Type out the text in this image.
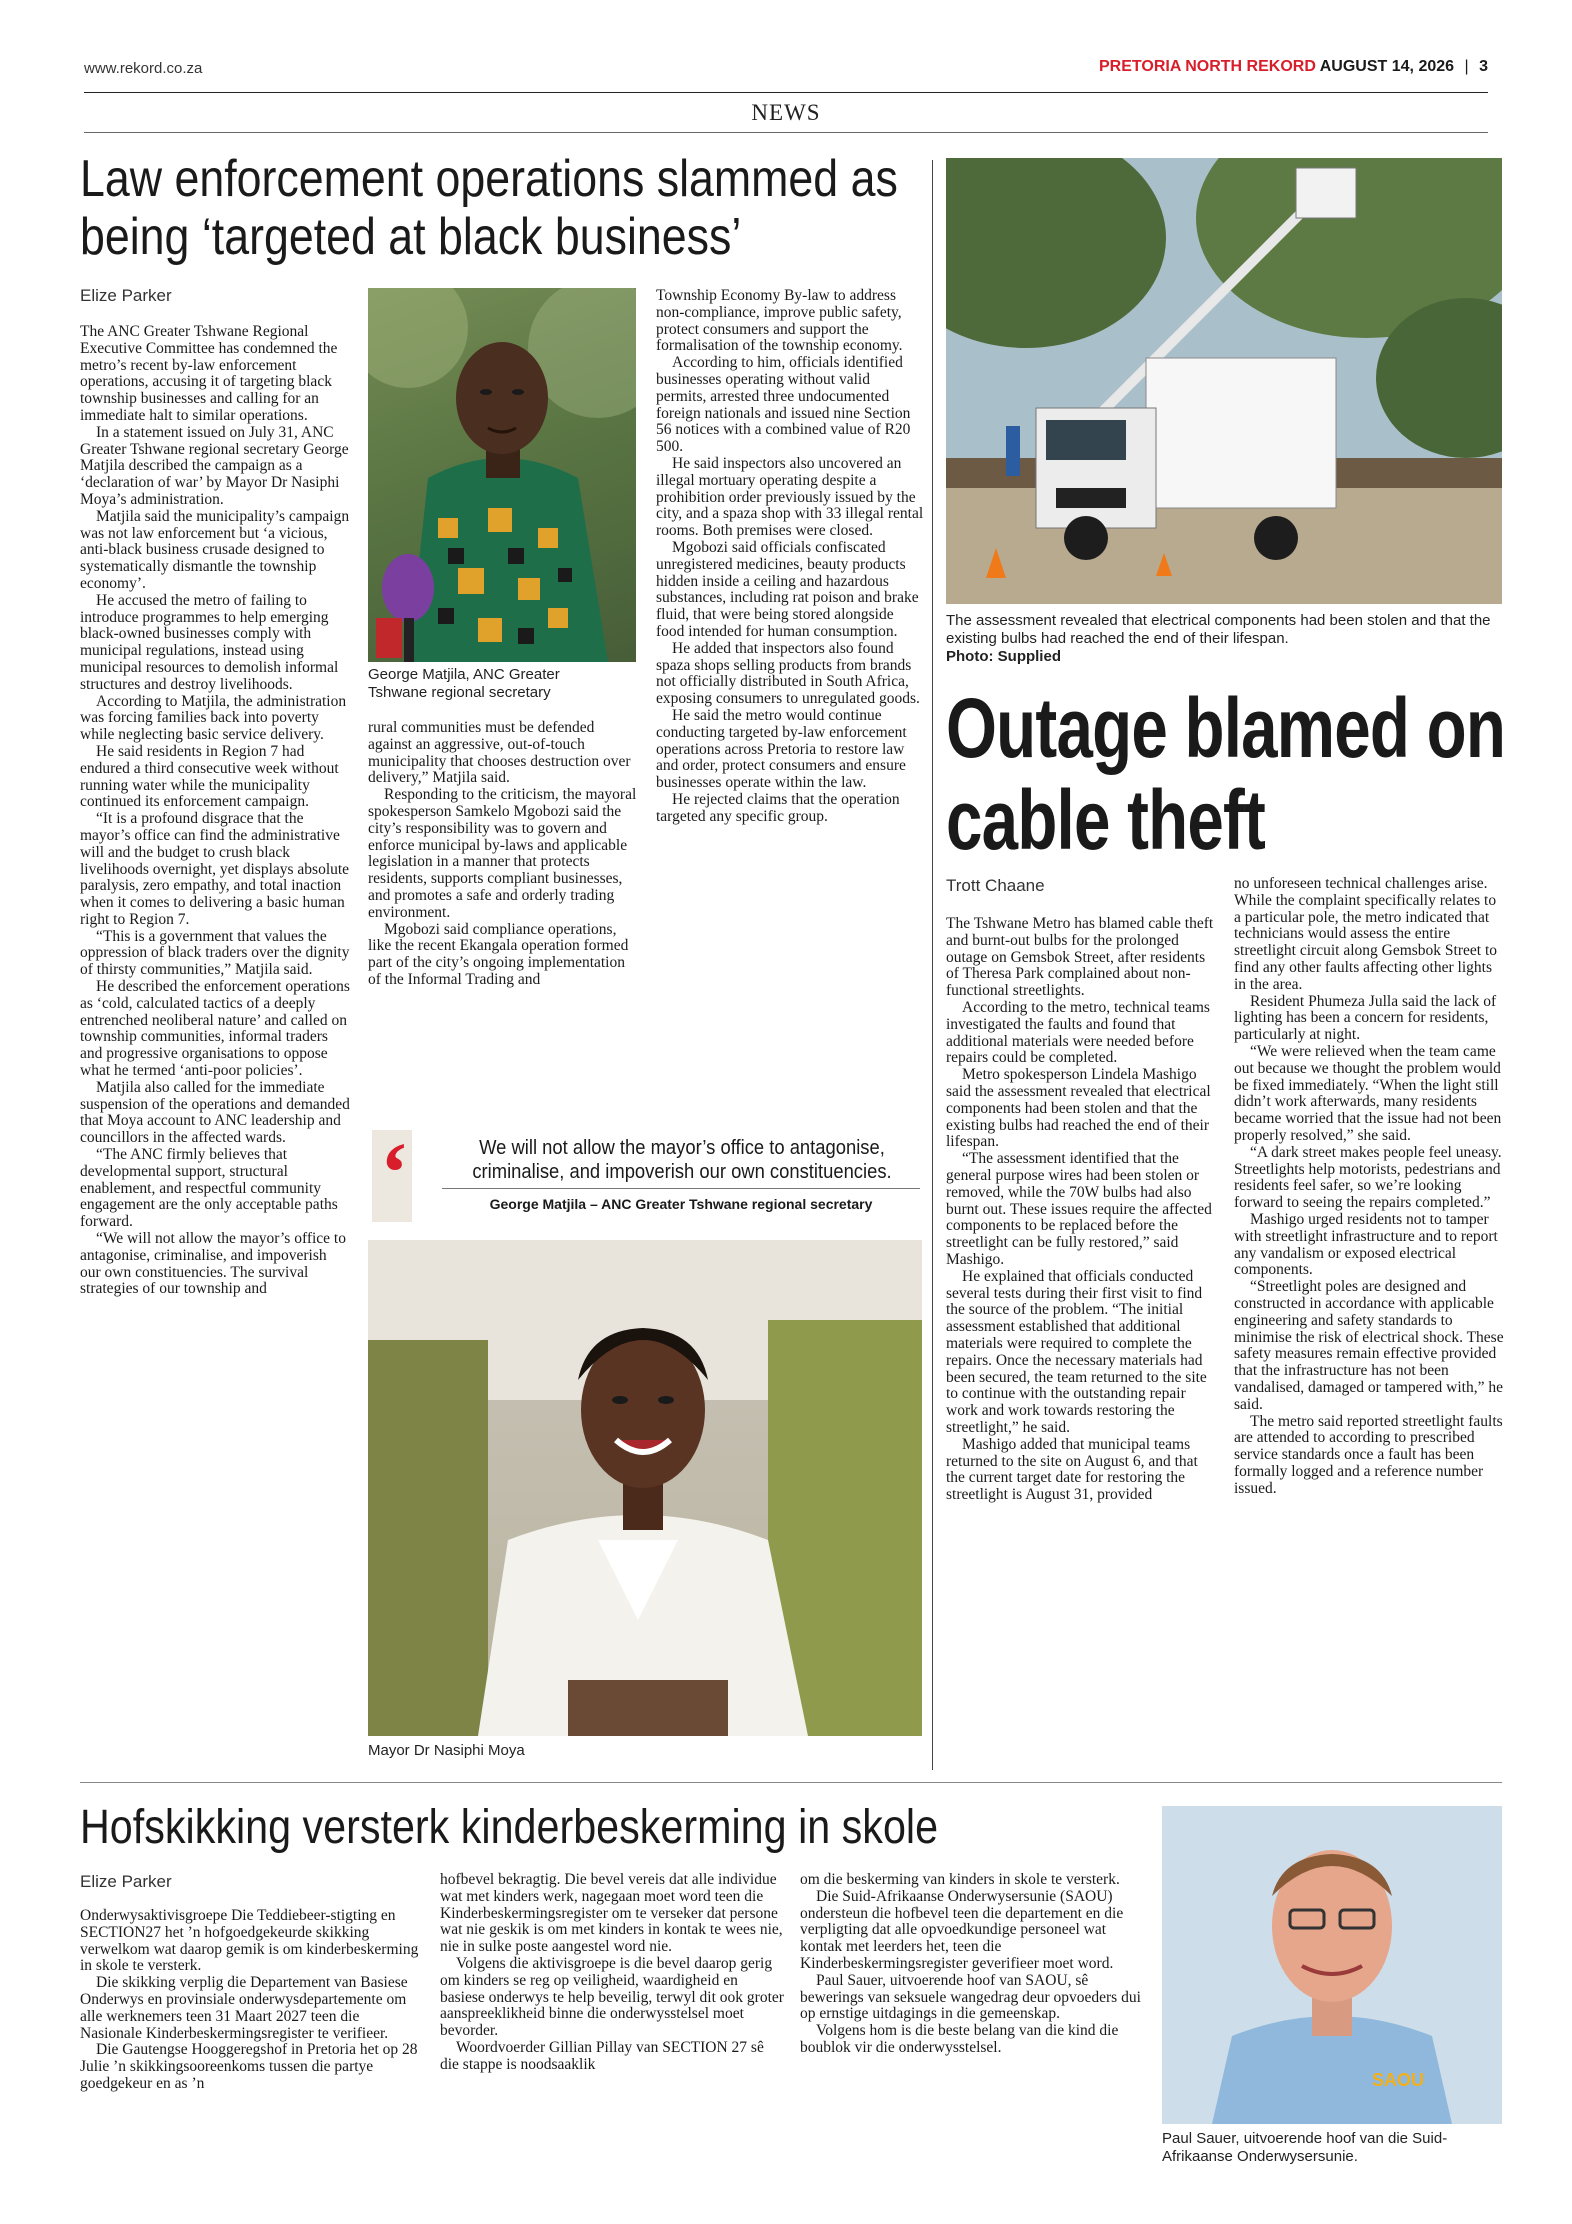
www.rekord.co.za	PRETORIA NORTH REKORD AUGUST 14, 2026 | 3
NEWS
Law enforcement operations slammed as being ‘targeted at black business’
Elize Parker

The ANC Greater Tshwane Regional Executive Committee has condemned the metro’s recent by-law enforcement operations, accusing it of targeting black township businesses and calling for an immediate halt to similar operations.

In a statement issued on July 31, ANC Greater Tshwane regional secretary George Matjila described the campaign as a ‘declaration of war’ by Mayor Dr Nasiphi Moya’s administration.

Matjila said the municipality’s campaign was not law enforcement but ‘a vicious, anti-black business crusade designed to systematically dismantle the township economy’.

He accused the metro of failing to introduce programmes to help emerging black-owned businesses comply with municipal regulations, instead using municipal resources to demolish informal structures and destroy livelihoods.

According to Matjila, the administration was forcing families back into poverty while neglecting basic service delivery.

He said residents in Region 7 had endured a third consecutive week without running water while the municipality continued its enforcement campaign.

“It is a profound disgrace that the mayor’s office can find the administrative will and the budget to crush black livelihoods overnight, yet displays absolute paralysis, zero empathy, and total inaction when it comes to delivering a basic human right to Region 7.

“This is a government that values the oppression of black traders over the dignity of thirsty communities,” Matjila said.

He described the enforcement operations as ‘cold, calculated tactics of a deeply entrenched neoliberal nature’ and called on township communities, informal traders and progressive organisations to oppose what he termed ‘anti-poor policies’.

Matjila also called for the immediate suspension of the operations and demanded that Moya account to ANC leadership and councillors in the affected wards.

“The ANC firmly believes that developmental support, structural enablement, and respectful community engagement are the only acceptable paths forward.

“We will not allow the mayor’s office to antagonise, criminalise, and impoverish our own constituencies. The survival strategies of our township and

George Matjila, ANC Greater Tshwane regional secretary

rural communities must be defended against an aggressive, out-of-touch municipality that chooses destruction over delivery,” Matjila said.

Responding to the criticism, the mayoral spokesperson Samkelo Mgobozi said the city’s responsibility was to govern and enforce municipal by-laws and applicable legislation in a manner that protects residents, supports compliant businesses, and promotes a safe and orderly trading environment.

Mgobozi said compliance operations, like the recent Ekangala operation formed part of the city’s ongoing implementation of the Informal Trading and

Township Economy By-law to address non-compliance, improve public safety, protect consumers and support the formalisation of the township economy.

According to him, officials identified businesses operating without valid permits, arrested three undocumented foreign nationals and issued nine Section 56 notices with a combined value of R20 500.

He said inspectors also uncovered an illegal mortuary operating despite a prohibition order previously issued by the city, and a spaza shop with 33 illegal rental rooms. Both premises were closed.

Mgobozi said officials confiscated unregistered medicines, beauty products hidden inside a ceiling and hazardous substances, including rat poison and brake fluid, that were being stored alongside food intended for human consumption.

He added that inspectors also found spaza shops selling products from brands not officially distributed in South Africa, exposing consumers to unregulated goods.

He said the metro would continue conducting targeted by-law enforcement operations across Pretoria to restore law and order, protect consumers and ensure businesses operate within the law.

He rejected claims that the operation targeted any specific group.

‘	We will not allow the mayor’s office to antagonise, criminalise, and impoverish our own constituencies.
George Matjila – ANC Greater Tshwane regional secretary
Mayor Dr Nasiphi Moya
The assessment revealed that electrical components had been stolen and that the existing bulbs had reached the end of their lifespan.
Photo: Supplied
Outage blamed on cable theft
Trott Chaane

The Tshwane Metro has blamed cable theft and burnt-out bulbs for the prolonged outage on Gemsbok Street, after residents of Theresa Park complained about non-functional streetlights.

According to the metro, technical teams investigated the faults and found that additional materials were needed before repairs could be completed.

Metro spokesperson Lindela Mashigo said the assessment revealed that electrical components had been stolen and that the existing bulbs had reached the end of their lifespan.

“The assessment identified that the general purpose wires had been stolen or removed, while the 70W bulbs had also burnt out. These issues require the affected components to be replaced before the streetlight can be fully restored,” said Mashigo.

He explained that officials conducted several tests during their first visit to find the source of the problem. “The initial assessment established that additional materials were required to complete the repairs. Once the necessary materials had been secured, the team returned to the site to continue with the outstanding repair work and work towards restoring the streetlight,” he said.

Mashigo added that municipal teams returned to the site on August 6, and that the current target date for restoring the streetlight is August 31, provided

no unforeseen technical challenges arise. While the complaint specifically relates to a particular pole, the metro indicated that technicians would assess the entire streetlight circuit along Gemsbok Street to find any other faults affecting other lights in the area.

Resident Phumeza Julla said the lack of lighting has been a concern for residents, particularly at night.

“We were relieved when the team came out because we thought the problem would be fixed immediately. “When the light still didn’t work afterwards, many residents became worried that the issue had not been properly resolved,” she said.

“A dark street makes people feel uneasy. Streetlights help motorists, pedestrians and residents feel safer, so we’re looking forward to seeing the repairs completed.”

Mashigo urged residents not to tamper with streetlight infrastructure and to report any vandalism or exposed electrical components.

“Streetlight poles are designed and constructed in accordance with applicable engineering and safety standards to minimise the risk of electrical shock. These safety measures remain effective provided that the infrastructure has not been vandalised, damaged or tampered with,” he said.

The metro said reported streetlight faults are attended to according to prescribed service standards once a fault has been formally logged and a reference number issued.

Hofskikking versterk kinderbeskerming in skole
Elize Parker

Onderwysaktivisgroepe Die Teddiebeer-stigting en SECTION27 het ’n hofgoedgekeurde skikking verwelkom wat daarop gemik is om kinderbeskerming in skole te versterk.

Die skikking verplig die Departement van Basiese Onderwys en provinsiale onderwysdepartemente om alle werknemers teen 31 Maart 2027 teen die Nasionale Kinderbeskermingsregister te verifieer.

Die Gautengse Hooggeregshof in Pretoria het op 28 Julie ’n skikkingsooreenkoms tussen die partye goedgekeur en as ’n

hofbevel bekragtig. Die bevel vereis dat alle individue wat met kinders werk, nagegaan moet word teen die Kinderbeskermingsregister om te verseker dat persone wat nie geskik is om met kinders in kontak te wees nie, nie in sulke poste aangestel word nie.

Volgens die aktivisgroepe is die bevel daarop gerig om kinders se reg op veiligheid, waardigheid en basiese onderwys te help beveilig, terwyl dit ook groter aanspreeklikheid binne die onderwysstelsel moet bevorder.

Woordvoerder Gillian Pillay van SECTION 27 sê die stappe is noodsaaklik

om die beskerming van kinders in skole te versterk.

Die Suid-Afrikaanse Onderwysersunie (SAOU) ondersteun die hofbevel teen die departement en die verpligting dat alle opvoedkundige personeel wat kontak met leerders het, teen die Kinderbeskermingsregister geverifieer moet word.

Paul Sauer, uitvoerende hoof van SAOU, sê bewerings van seksuele wangedrag deur opvoeders dui op ernstige uitdagings in die gemeenskap.

Volgens hom is die beste belang van die kind die boublok vir die onderwysstelsel.

SAOU
Paul Sauer, uitvoerende hoof van die Suid-Afrikaanse Onderwysersunie.
